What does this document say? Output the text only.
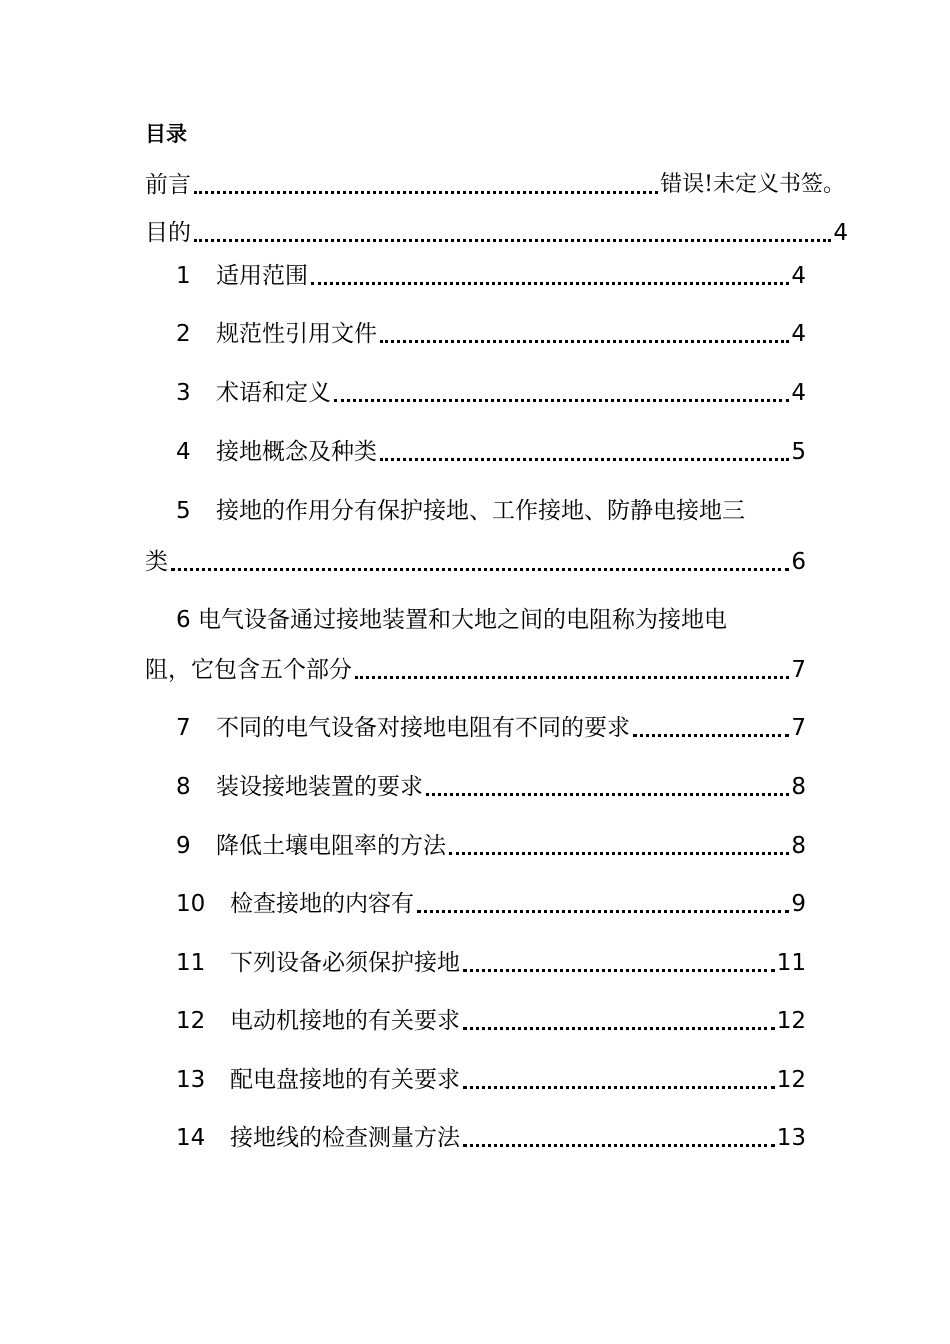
目录
前言	错误!未定义书签。
目的	4
1	适用范围	4
2	规范性引用文件	4
3	术语和定义	4
4	接地概念及种类	5
5 接地的作用分有保护接地、工作接地、防静电接地三
类	6
6 电气设备通过接地装置和大地之间的电阻称为接地电
阻，它包含五个部分	7
7	不同的电气设备对接地电阻有不同的要求	7
8	装设接地装置的要求	8
9	降低土壤电阻率的方法	8
10	检查接地的内容有	9
11	下列设备必须保护接地	11
12	电动机接地的有关要求	12
13	配电盘接地的有关要求	12
14	接地线的检查测量方法	13
